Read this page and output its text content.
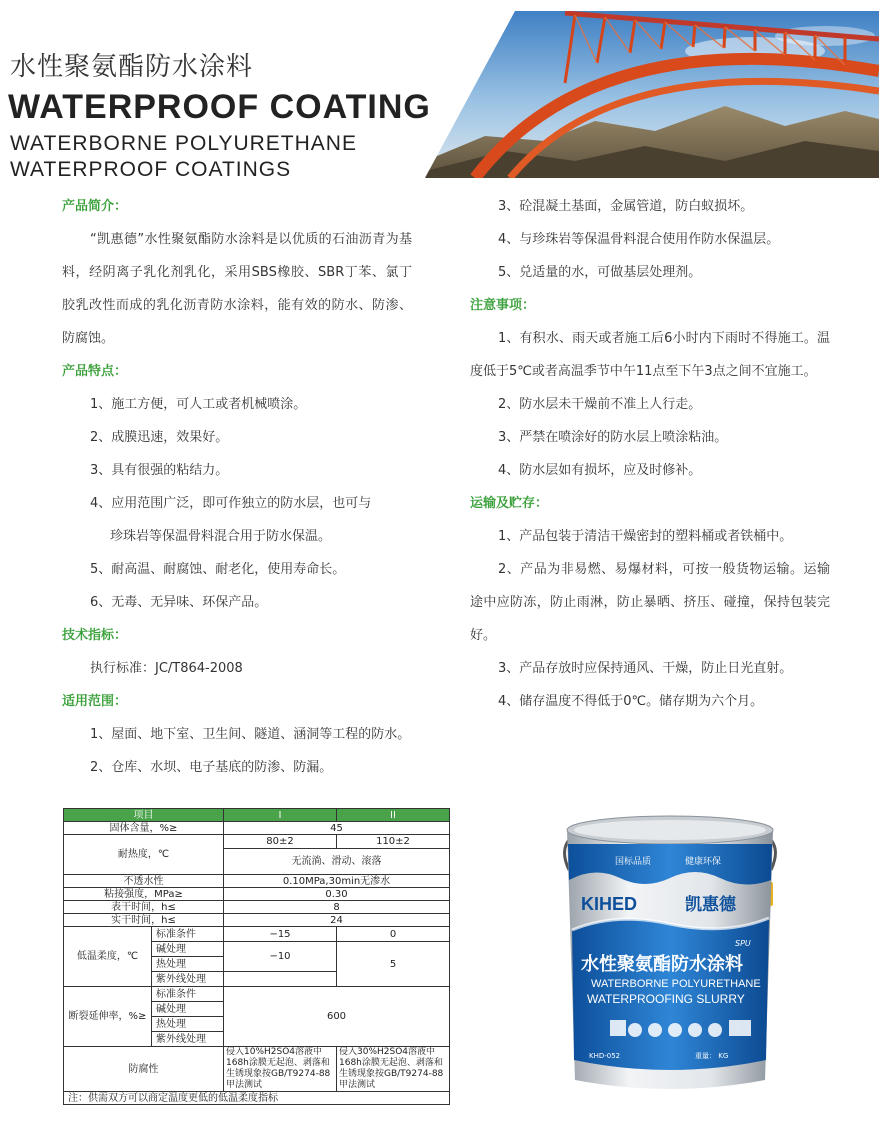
水性聚氨酯防水涂料
WATERPROOF COATING
WATERBORNE POLYURETHANE
WATERPROOF COATINGS
产品简介：
“凯惠德”水性聚氨酯防水涂料是以优质的石油沥青为基料，经阴离子乳化剂乳化，采用SBS橡胶、SBR丁苯、氯丁胶乳改性而成的乳化沥青防水涂料，能有效的防水、防渗、防腐蚀。
产品特点：
1、施工方便，可人工或者机械喷涂。
2、成膜迅速，效果好。
3、具有很强的粘结力。
4、应用范围广泛，即可作独立的防水层，也可与
珍珠岩等保温骨料混合用于防水保温。
5、耐高温、耐腐蚀、耐老化，使用寿命长。
6、无毒、无异味、环保产品。
技术指标：
执行标准：JC/T864-2008
适用范围：
1、屋面、地下室、卫生间、隧道、涵洞等工程的防水。
2、仓库、水坝、电子基底的防渗、防漏。
3、砼混凝土基面，金属管道，防白蚁损坏。
4、与珍珠岩等保温骨料混合使用作防水保温层。
5、兑适量的水，可做基层处理剂。
注意事项：
1、有积水、雨天或者施工后6小时内下雨时不得施工。温度低于5℃或者高温季节中午11点至下午3点之间不宜施工。
2、防水层未干燥前不准上人行走。
3、严禁在喷涂好的防水层上喷涂粘油。
4、防水层如有损坏，应及时修补。
运输及贮存：
1、产品包装于清洁干燥密封的塑料桶或者铁桶中。
2、产品为非易燃、易爆材料，可按一般货物运输。运输途中应防冻，防止雨淋，防止暴晒、挤压、碰撞，保持包装完好。
3、产品存放时应保持通风、干燥，防止日光直射。
4、储存温度不得低于0℃。储存期为六个月。
项目		I	II
固体含量，%≥		45	
耐热度，℃		80±2	110±2
		无流淌、滑动、滚落	
不透水性		0.10MPa,30min无渗水	
粘接强度，MPa≥		0.30	
表干时间，h≤		8	
实干时间，h≤		24	
低温柔度，℃	标准条件	−15	0
	碱处理	−10	5
	热处理		
	紫外线处理		
断裂延伸率，%≥	标准条件	600	
	碱处理		
	热处理		
	紫外线处理		
防腐性		侵入10%H2SO4溶液中168h涂膜无起泡、剥落和生锈现象按GB/T9274-88甲法测试	侵入30%H2SO4溶液中168h涂膜无起泡、剥落和生锈现象按GB/T9274-88甲法测试
注：供需双方可以商定温度更低的低温柔度指标			
国标品质	健康环保
KIHED	凯惠德
SPU
水性聚氨酯防水涂料
WATERBORNE POLYURETHANE
WATERPROOFING SLURRY
KHD-052	重量： KG
